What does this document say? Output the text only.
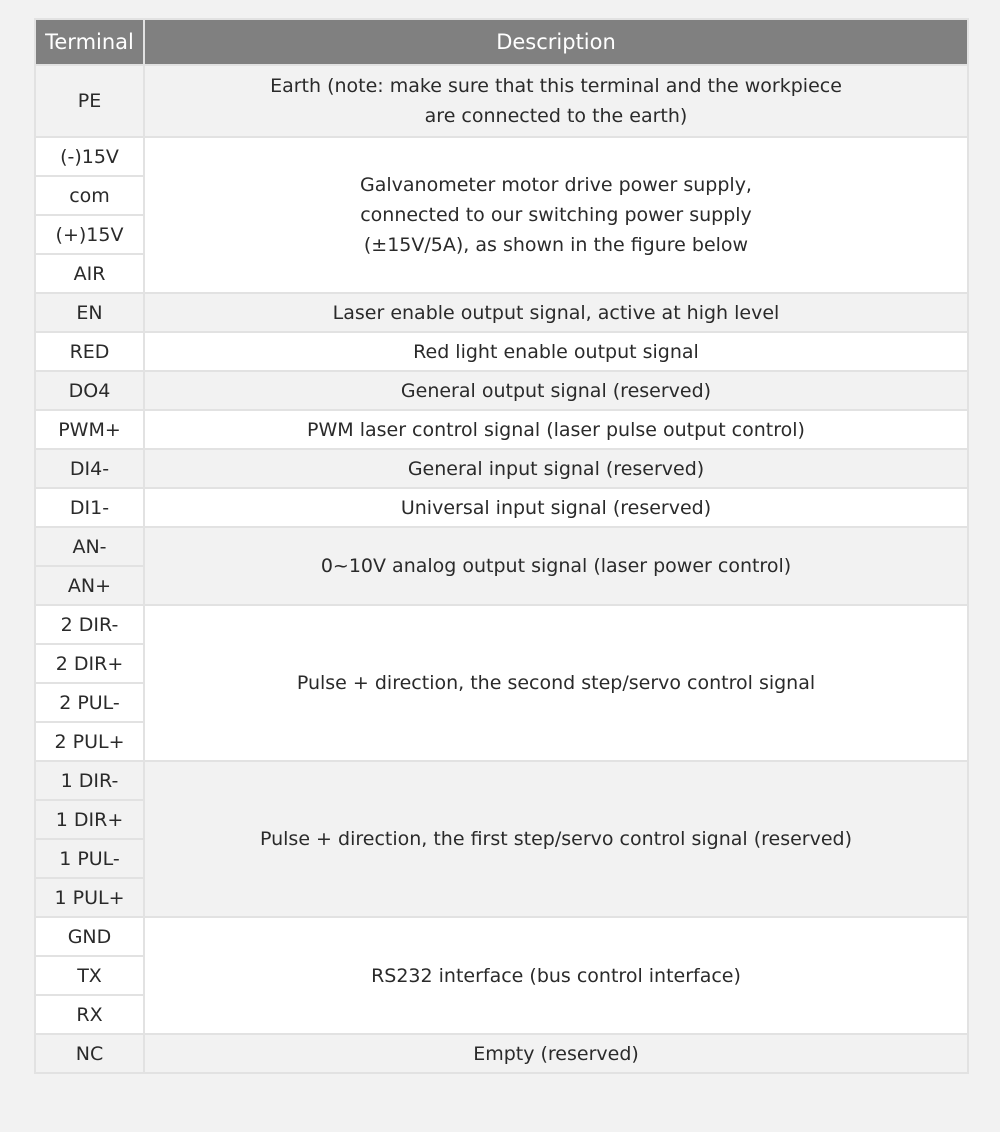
Terminal	Description
PE	Earth (note: make sure that this terminal and the workpiece
are connected to the earth)
(-)15V	Galvanometer motor drive power supply,
connected to our switching power supply
(±15V/5A), as shown in the figure below
com	
(+)15V	
AIR	
EN	Laser enable output signal, active at high level
RED	Red light enable output signal
DO4	General output signal (reserved)
PWM+	PWM laser control signal (laser pulse output control)
DI4-	General input signal (reserved)
DI1-	Universal input signal (reserved)
AN-	0~10V analog output signal (laser power control)
AN+	
2 DIR-	Pulse + direction, the second step/servo control signal
2 DIR+	
2 PUL-	
2 PUL+	
1 DIR-	Pulse + direction, the first step/servo control signal (reserved)
1 DIR+	
1 PUL-	
1 PUL+	
GND	RS232 interface (bus control interface)
TX	
RX	
NC	Empty (reserved)
